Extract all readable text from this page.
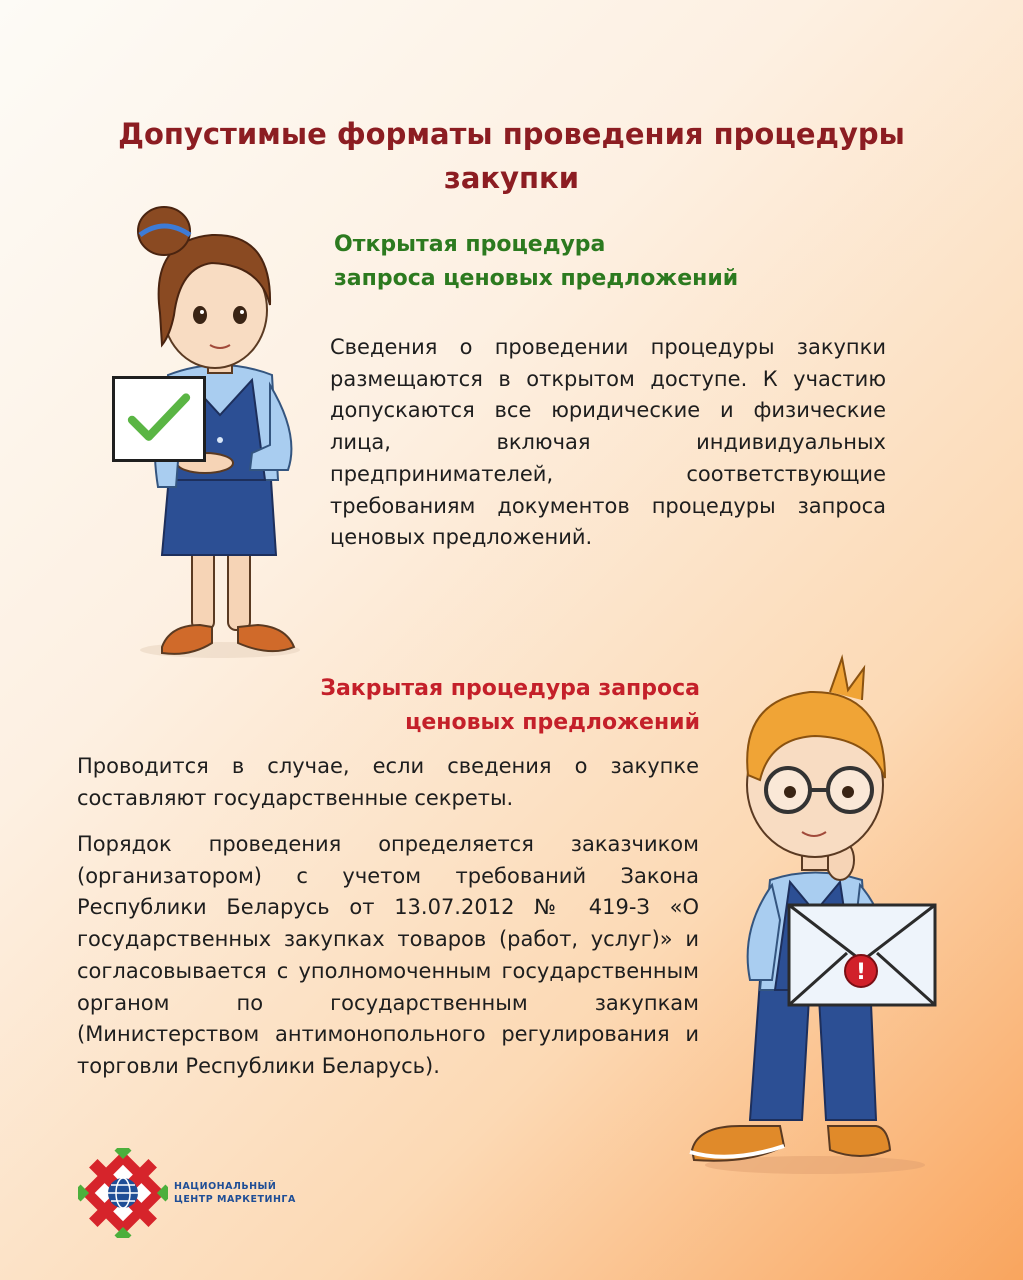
Допустимые форматы проведения процедуры закупки
Открытая процедура
запроса ценовых предложений

Сведения о проведении процедуры закупки размещаются в открытом доступе. К участию допускаются все юридические и физические лица, включая индивидуальных предпринимателей, соответствующие требованиям документов процедуры запроса ценовых предложений.

Закрытая процедура запроса
ценовых предложений

Проводится в случае, если сведения о закупке составляют государственные секреты.

Порядок проведения определяется заказчиком (организатором) с учетом требований Закона Республики Беларусь от 13.07.2012 № 419-З «О государственных закупках товаров (работ, услуг)» и согласовывается с уполномоченным государственным органом по государственным закупкам (Министерством антимонопольного регулирования и торговли Республики Беларусь).

!
НАЦИОНАЛЬНЫЙ
ЦЕНТР МАРКЕТИНГА
